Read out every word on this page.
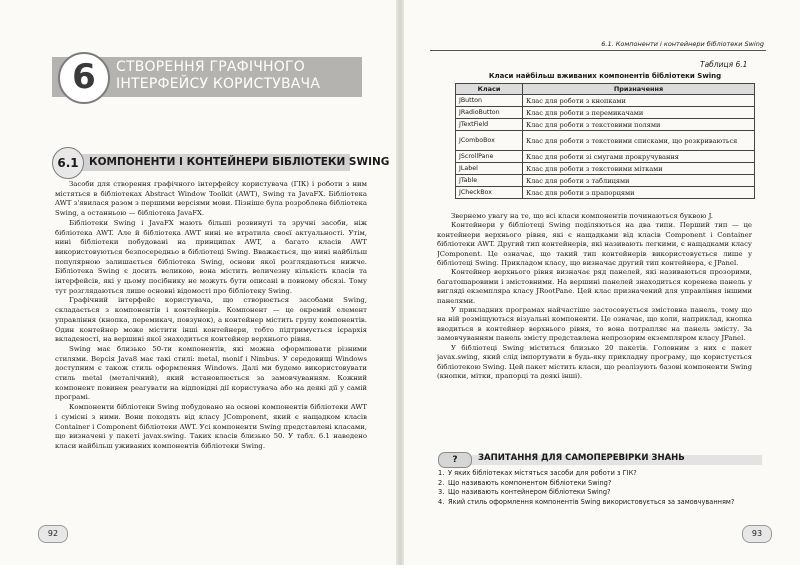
6	СТВОРЕННЯ ГРАФІЧНОГО ІНТЕРФЕЙСУ КОРИСТУВАЧА
6.1 КОМПОНЕНТИ І КОНТЕЙНЕРИ БІБЛІОТЕКИ SWING

Засоби для створення графічного інтерфейсу користувача (ГІК) і роботи з ним містяться в бібліотеках Abstract Window Toolkit (AWT), Swing та JavaFX. Бібліотека AWT з'явилася разом з першими версіями мови. Пізніше була розроблена бібліотека Swing, а останньою — бібліотека JavaFX.

Бібліотеки Swing і JavaFX мають більші розвинуті та зручні засоби, ніж бібліотека AWT. Але й бібліотека AWT нині не втратила своєї актуальності. Утім, нині бібліотеки побудовані на принципах AWT, а багато класів AWT використовуються безпосередньо в бібліотеці Swing. Вважається, що нині найбільш популярною залишається бібліотека Swing, основи якої розглядаються нижче. Бібліотека Swing є досить великою, вона містить величезну кількість класів та інтерфейсів, які у цьому посібнику не можуть бути описані в повному обсязі. Тому тут розглядаються лише основні відомості про бібліотеку Swing.

Графічний інтерфейс користувача, що створюється засобами Swing, складається з компонентів і контейнерів. Компонент — це окремий елемент управління (кнопка, перемикач, повзунок), а контейнер містить групу компонентів. Один контейнер може містити інші контейнери, тобто підтримується ієрархія вкладеності, на вершині якої знаходиться контейнер верхнього рівня.

Swing має близько 50-ти компонентів, які можна оформлювати різними стилями. Версія Java8 має такі стилі: metal, monif і Nimbus. У середовищі Windows доступним є також стиль оформлення Windows. Далі ми будемо використовувати стиль metal (металічний), який встановлюється за замовчуванням. Кожний компонент повинен реагувати на відповідні дії користувача або на деякі дії у самій програмі.

Компоненти бібліотеки Swing побудовано на основі компонентів бібліотеки AWT і сумісні з ними. Вони походять від класу JComponent, який є нащадком класів Container і Component бібліотеки AWT. Усі компоненти Swing представлені класами, що визначені у пакеті javax.swing. Таких класів близько 50. У табл. 6.1 наведено класи найбільш уживаних компонентів бібліотеки Swing.

92
6.1. Компоненти і контейнери бібліотеки Swing
Таблиця 6.1
Класи найбільш вживаних компонентів бібліотеки Swing
Класи	Призначення
JButton	Клас для роботи з кнопками
JRadioButton	Клас для роботи з перемикачами
JTextField	Клас для роботи з текстовими полями
JComboBox	Клас для роботи з текстовими списками, що розкриваються
JScrollPane	Клас для роботи зі смугами прокручування
JLabel	Клас для роботи з текстовими мітками
JTable	Клас для роботи з таблицями
JCheckBox	Клас для роботи з прапорцями

Звернемо увагу на те, що всі класи компонентів починаються буквою J.

Контейнери у бібліотеці Swing поділяються на два типи. Перший тип — це контейнери верхнього рівня, які є нащадками від класів Component і Container бібліотеки AWT. Другий тип контейнерів, які називають легкими, є нащадками класу JComponent. Це означає, що такий тип контейнерів використовується лише у бібліотеці Swing. Прикладом класу, що визначає другий тип контейнера, є JPanel.

Контейнер верхнього рівня визначає ряд панелей, які називаються прозорими, багатошаровими і змістовними. На вершині панелей знаходиться коренева панель у вигляді екземпляра класу JRootPane. Цей клас призначений для управління іншими панелями.

У прикладних програмах найчастіше застосовується змістовна панель, тому що на ній розміщуються візуальні компоненти. Це означає, що коли, наприклад, кнопка вводиться в контейнер верхнього рівня, то вона потрапляє на панель змісту. За замовчуванням панель змісту представлена непрозорим екземпляром класу JPanel.

У бібліотеці Swing міститься близько 20 пакетів. Головним з них є пакет javax.swing, який слід імпортувати в будь-яку прикладну програму, що користується бібліотекою Swing. Цей пакет містить класи, що реалізують базові компоненти Swing (кнопки, мітки, прапорці та деякі інші).

?	ЗАПИТАННЯ ДЛЯ САМОПЕРЕВІРКИ ЗНАНЬ
1. У яких бібліотеках містяться засоби для роботи з ГІК?
2. Що називають компонентом бібліотеки Swing?
3. Що називають контейнером бібліотеки Swing?
4. Який стиль оформлення компонентів Swing використовується за замовчуванням?
93
